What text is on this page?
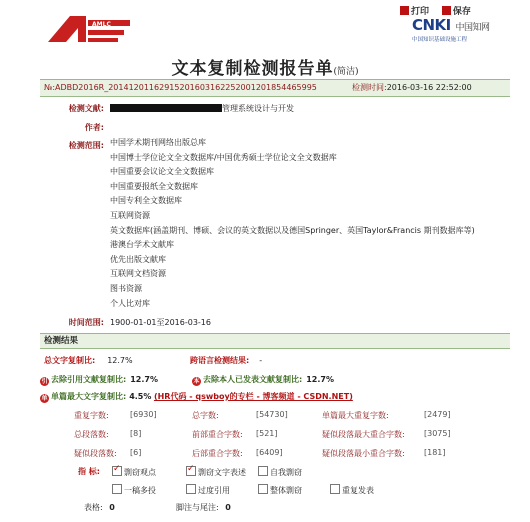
AMLC
打印	保存
CNKI 中国知网
中国知识基础设施工程
文本复制检测报告单(简洁)
№:ADBD2016R_20141201162915201603162252001201854465995	检测时间:2016-03-16 22:52:00
检测文献:	管理系统设计与开发
作者:
检测范围: 中国学术期刊网络出版总库
中国博士学位论文全文数据库/中国优秀硕士学位论文全文数据库
中国重要会议论文全文数据库
中国重要报纸全文数据库
中国专利全文数据库
互联网资源
英文数据库(涵盖期刊、博硕、会议的英文数据以及德国Springer、英国Taylor&Francis 期刊数据库等)
港澳台学术文献库
优先出版文献库
互联网文档资源
图书资源
个人比对库
时间范围: 1900-01-01至2016-03-16
检测结果
总文字复制比: 12.7%	跨语言检测结果: -
引 去除引用文献复制比: 12.7%	本 去除本人已发表文献复制比: 12.7%
单 单篇最大文字复制比: 4.5% (HR代码 - qswboy的专栏 - 博客频道 - CSDN.NET)
重复字数:	[6930]	总字数:	[54730]	单篇最大重复字数:	[2479]
总段落数:	[8]	前部重合字数: [521]	疑似段落最大重合字数: [3075]
疑似段落数: [6]	后部重合字数: [6409]	疑似段落最小重合字数: [181]
指 标: ✓	剽窃观点 ✓	剽窃文字表述	自我剽窃
一稿多投	过度引用	整体剽窃	重复发表
表格: 0	脚注与尾注: 0
